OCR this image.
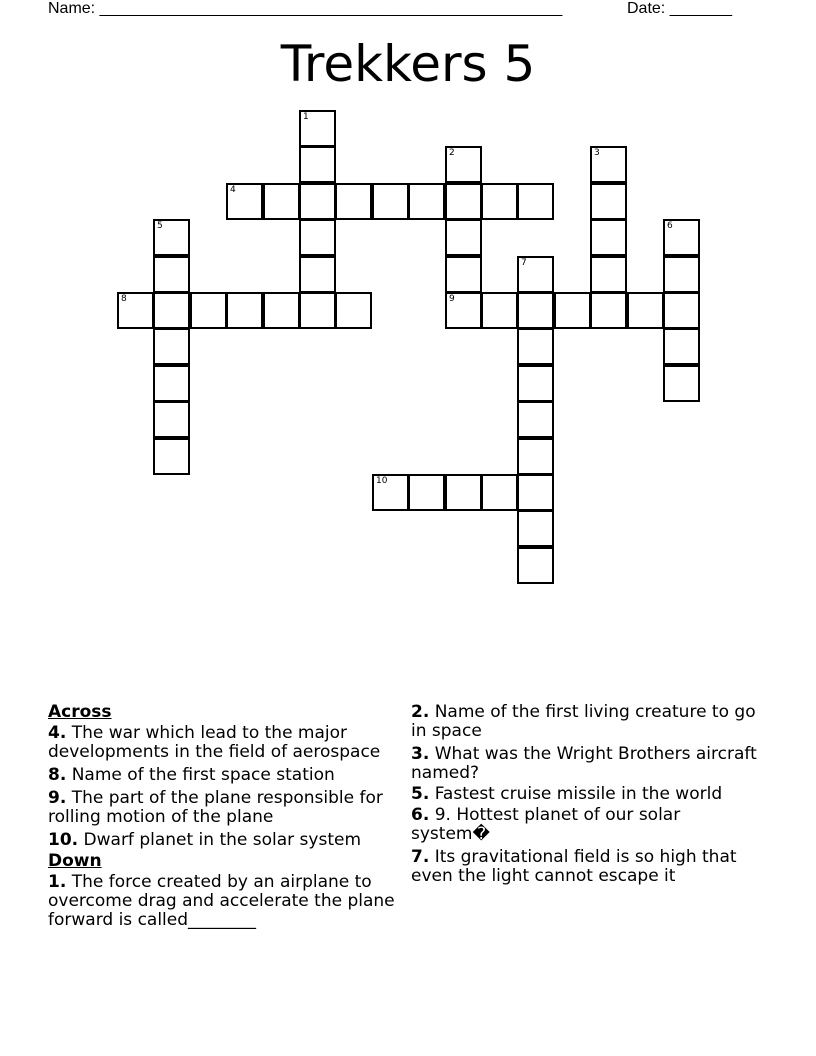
Name: ____________________________________________________	Date: _______
Trekkers 5
1
2
9
3
4
5	6
7
8
10
Across
4. The war which lead to the major developments in the field of aerospace
8. Name of the first space station
9. The part of the plane responsible for rolling motion of the plane
10. Dwarf planet in the solar system
Down
1. The force created by an airplane to overcome drag and accelerate the plane forward is called________
2. Name of the first living creature to go in space
3. What was the Wright Brothers aircraft named?
5. Fastest cruise missile in the world
6. 9. Hottest planet of our solar system�
7. Its gravitational field is so high that even the light cannot escape it
